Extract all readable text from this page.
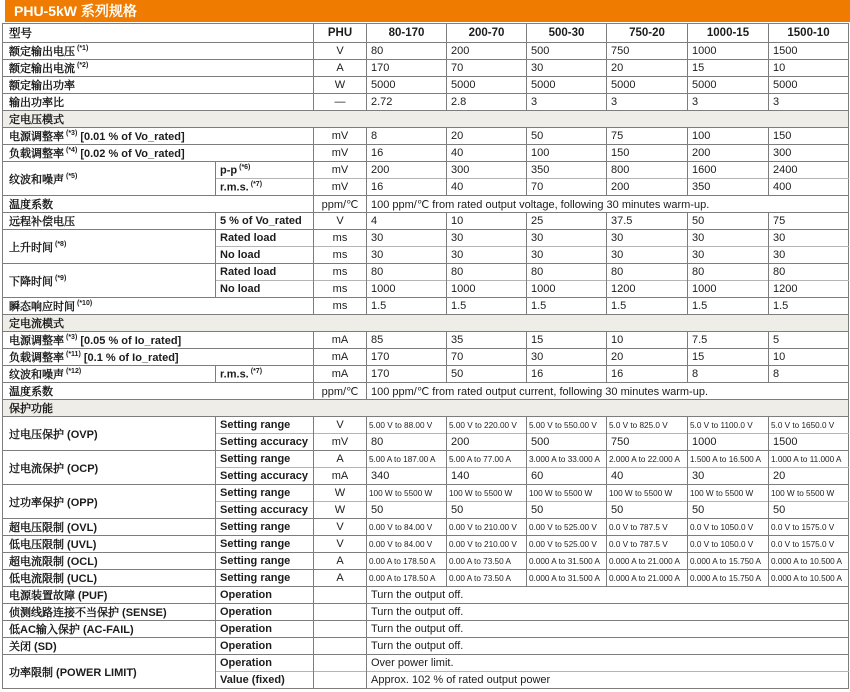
PHU-5kW 系列规格
型号		PHU	80-170	200-70	500-30	750-20	1000-15	1500-10
额定输出电压 $^{(*1)}$		V	80	200	500	750	1000	1500
额定输出电流 $^{(*2)}$		A	170	70	30	20	15	10
额定输出功率		W	5000	5000	5000	5000	5000	5000
输出功率比		—	2.72	2.8	3	3	3	3
定电压模式								
电源调整率 $^{(*3)}$ [0.01 % of Vo_rated]		mV	8	20	50	75	100	150
负载调整率 $^{(*4)}$ [0.02 % of Vo_rated]		mV	16	40	100	150	200	300
纹波和噪声 $^{(*5)}$	p-p $^{(*6)}$	mV	200	300	350	800	1600	2400
	r.m.s. $^{(*7)}$	mV	16	40	70	200	350	400
温度系数		ppm/℃	100 ppm/℃ from rated output voltage, following 30 minutes warm-up.					
远程补偿电压	5 % of Vo_rated	V	4	10	25	37.5	50	75
上升时间 $^{(*8)}$	Rated load	ms	30	30	30	30	30	30
	No load	ms	30	30	30	30	30	30
下降时间 $^{(*9)}$	Rated load	ms	80	80	80	80	80	80
	No load	ms	1000	1000	1000	1200	1000	1200
瞬态响应时间 $^{(*10)}$		ms	1.5	1.5	1.5	1.5	1.5	1.5
定电流模式								
电源调整率 $^{(*3)}$ [0.05 % of Io_rated]		mA	85	35	15	10	7.5	5
负载调整率 $^{(*11)}$ [0.1 % of Io_rated]		mA	170	70	30	20	15	10
纹波和噪声 $^{(*12)}$	r.m.s. $^{(*7)}$	mA	170	50	16	16	8	8
温度系数		ppm/℃	100 ppm/℃ from rated output current, following 30 minutes warm-up.					
保护功能								
过电压保护 (OVP)	Setting range	V	5.00 V to 88.00 V	5.00 V to 220.00 V	5.00 V to 550.00 V	5.0 V to 825.0 V	5.0 V to 1100.0 V	5.0 V to 1650.0 V
	Setting accuracy	mV	80	200	500	750	1000	1500
过电流保护 (OCP)	Setting range	A	5.00 A to 187.00 A	5.00 A to 77.00 A	3.000 A to 33.000 A	2.000 A to 22.000 A	1.500 A to 16.500 A	1.000 A to 11.000 A
	Setting accuracy	mA	340	140	60	40	30	20
过功率保护 (OPP)	Setting range	W	100 W to 5500 W	100 W to 5500 W	100 W to 5500 W	100 W to 5500 W	100 W to 5500 W	100 W to 5500 W
	Setting accuracy	W	50	50	50	50	50	50
超电压限制 (OVL)	Setting range	V	0.00 V to 84.00 V	0.00 V to 210.00 V	0.00 V to 525.00 V	0.0 V to 787.5 V	0.0 V to 1050.0 V	0.0 V to 1575.0 V
低电压限制 (UVL)	Setting range	V	0.00 V to 84.00 V	0.00 V to 210.00 V	0.00 V to 525.00 V	0.0 V to 787.5 V	0.0 V to 1050.0 V	0.0 V to 1575.0 V
超电流限制 (OCL)	Setting range	A	0.00 A to 178.50 A	0.00 A to 73.50 A	0.000 A to 31.500 A	0.000 A to 21.000 A	0.000 A to 15.750 A	0.000 A to 10.500 A
低电流限制 (UCL)	Setting range	A	0.00 A to 178.50 A	0.00 A to 73.50 A	0.000 A to 31.500 A	0.000 A to 21.000 A	0.000 A to 15.750 A	0.000 A to 10.500 A
电源装置故障 (PUF)	Operation		Turn the output off.					
侦测线路连接不当保护 (SENSE)	Operation		Turn the output off.					
低AC输入保护 (AC-FAIL)	Operation		Turn the output off.					
关闭 (SD)	Operation		Turn the output off.					
功率限制 (POWER LIMIT)	Operation		Over power limit.					
	Value (fixed)		Approx. 102 % of rated output power					
